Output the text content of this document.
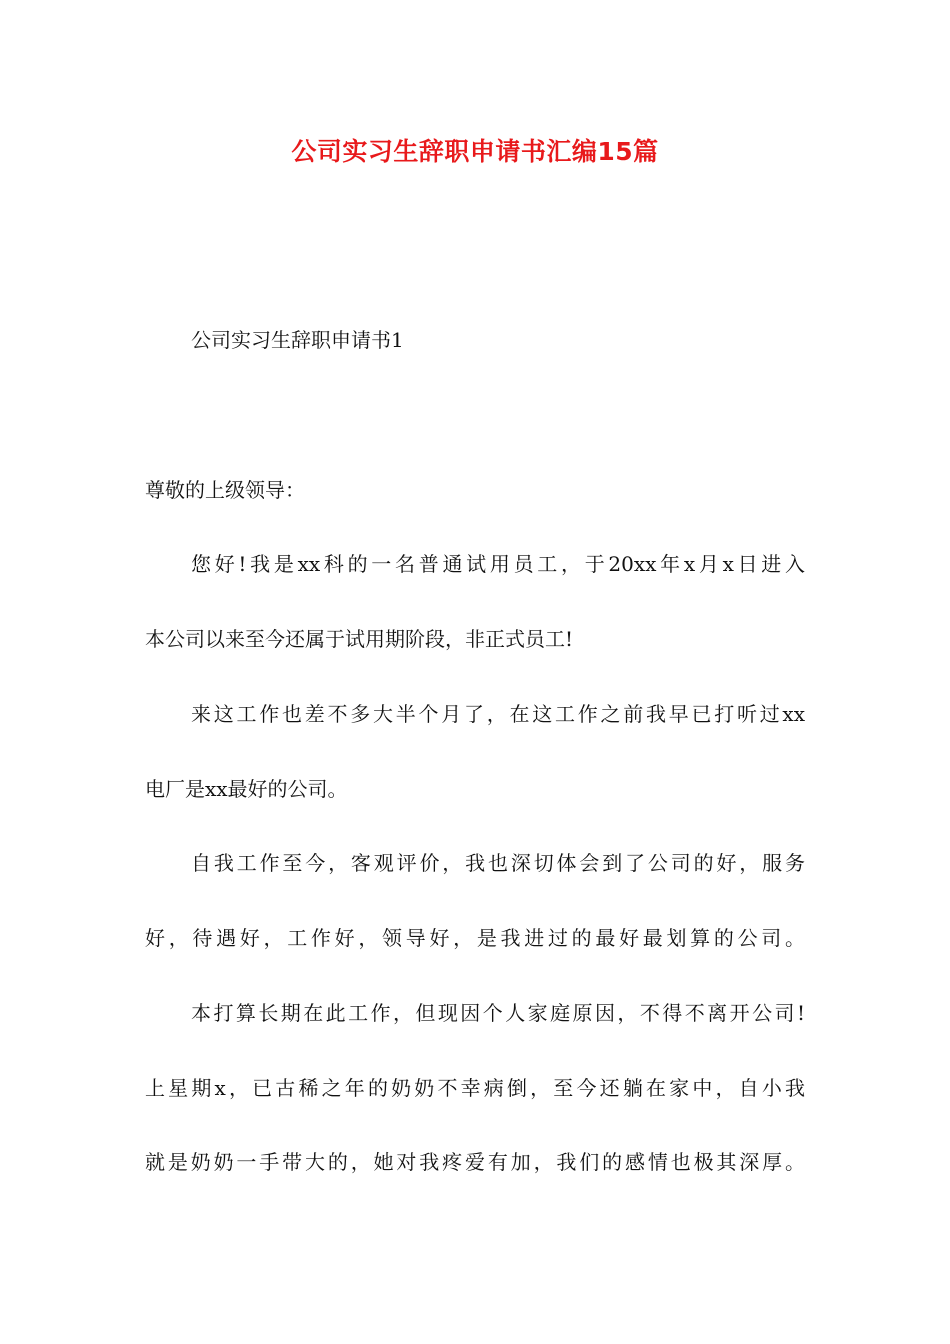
公司实习生辞职申请书汇编15篇
公司实习生辞职申请书1
尊敬的上级领导：
您好!我是xx科的一名普通试用员工，于20xx年x月x日进入
本公司以来至今还属于试用期阶段，非正式员工!
来这工作也差不多大半个月了，在这工作之前我早已打听过xx
电厂是xx最好的公司。
自我工作至今，客观评价，我也深切体会到了公司的好，服务
好，待遇好，工作好，领导好，是我进过的最好最划算的公司。
本打算长期在此工作，但现因个人家庭原因，不得不离开公司!
上星期x，已古稀之年的奶奶不幸病倒，至今还躺在家中，自小我
就是奶奶一手带大的，她对我疼爱有加，我们的感情也极其深厚。
